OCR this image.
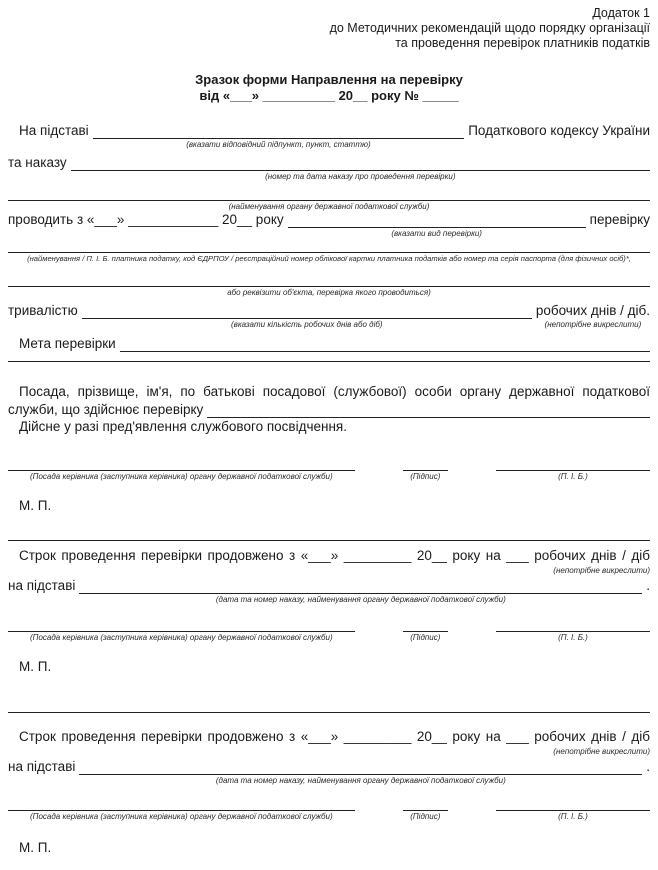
Додаток 1
до Методичних рекомендацій щодо порядку організації
та проведення перевірок платників податків
Зразок форми Направлення на перевірку
від «___» __________ 20__ року № _____
На підставі
(вказати відповідний підпункт, пункт, статтю)
Податкового кодексу України
та наказу
(номер та дата наказу про проведення перевірки)
(найменування органу державної податкової служби)
проводить з «___» ____________ 20__ року
(вказати вид перевірки)
перевірку
(найменування / П. І. Б. платника податку, код ЄДРПОУ / реєстраційний номер облікової картки платника податків або номер та серія паспорта (для фізичних осіб)*,
або реквізити об'єкта, перевірка якого проводиться)
тривалістю
(вказати кількість робочих днів або діб)
робочих днів / діб.
(непотрібне викреслити)
Мета перевірки
Посада, прізвище, ім'я, по батькові посадової (службової) особи органу державної податкової
служби, що здійснює перевірку
Дійсне у разі пред'явлення службового посвідчення.
(Посада керівника (заступника керівника) органу державної податкової служби)	(Підпис)	(П. І. Б.)
М. П.
Строк проведення перевірки продовжено з «___» _________ 20__ року на ___ робочих днів / діб
(непотрібне викреслити)
на підставі
(дата та номер наказу, найменування органу державної податкової служби)
.
(Посада керівника (заступника керівника) органу державної податкової служби)	(Підпис)	(П. І. Б.)
М. П.
Строк проведення перевірки продовжено з «___» _________ 20__ року на ___ робочих днів / діб
(непотрібне викреслити)
на підставі
(дата та номер наказу, найменування органу державної податкової служби)
.
(Посада керівника (заступника керівника) органу державної податкової служби)	(Підпис)	(П. І. Б.)
М. П.
